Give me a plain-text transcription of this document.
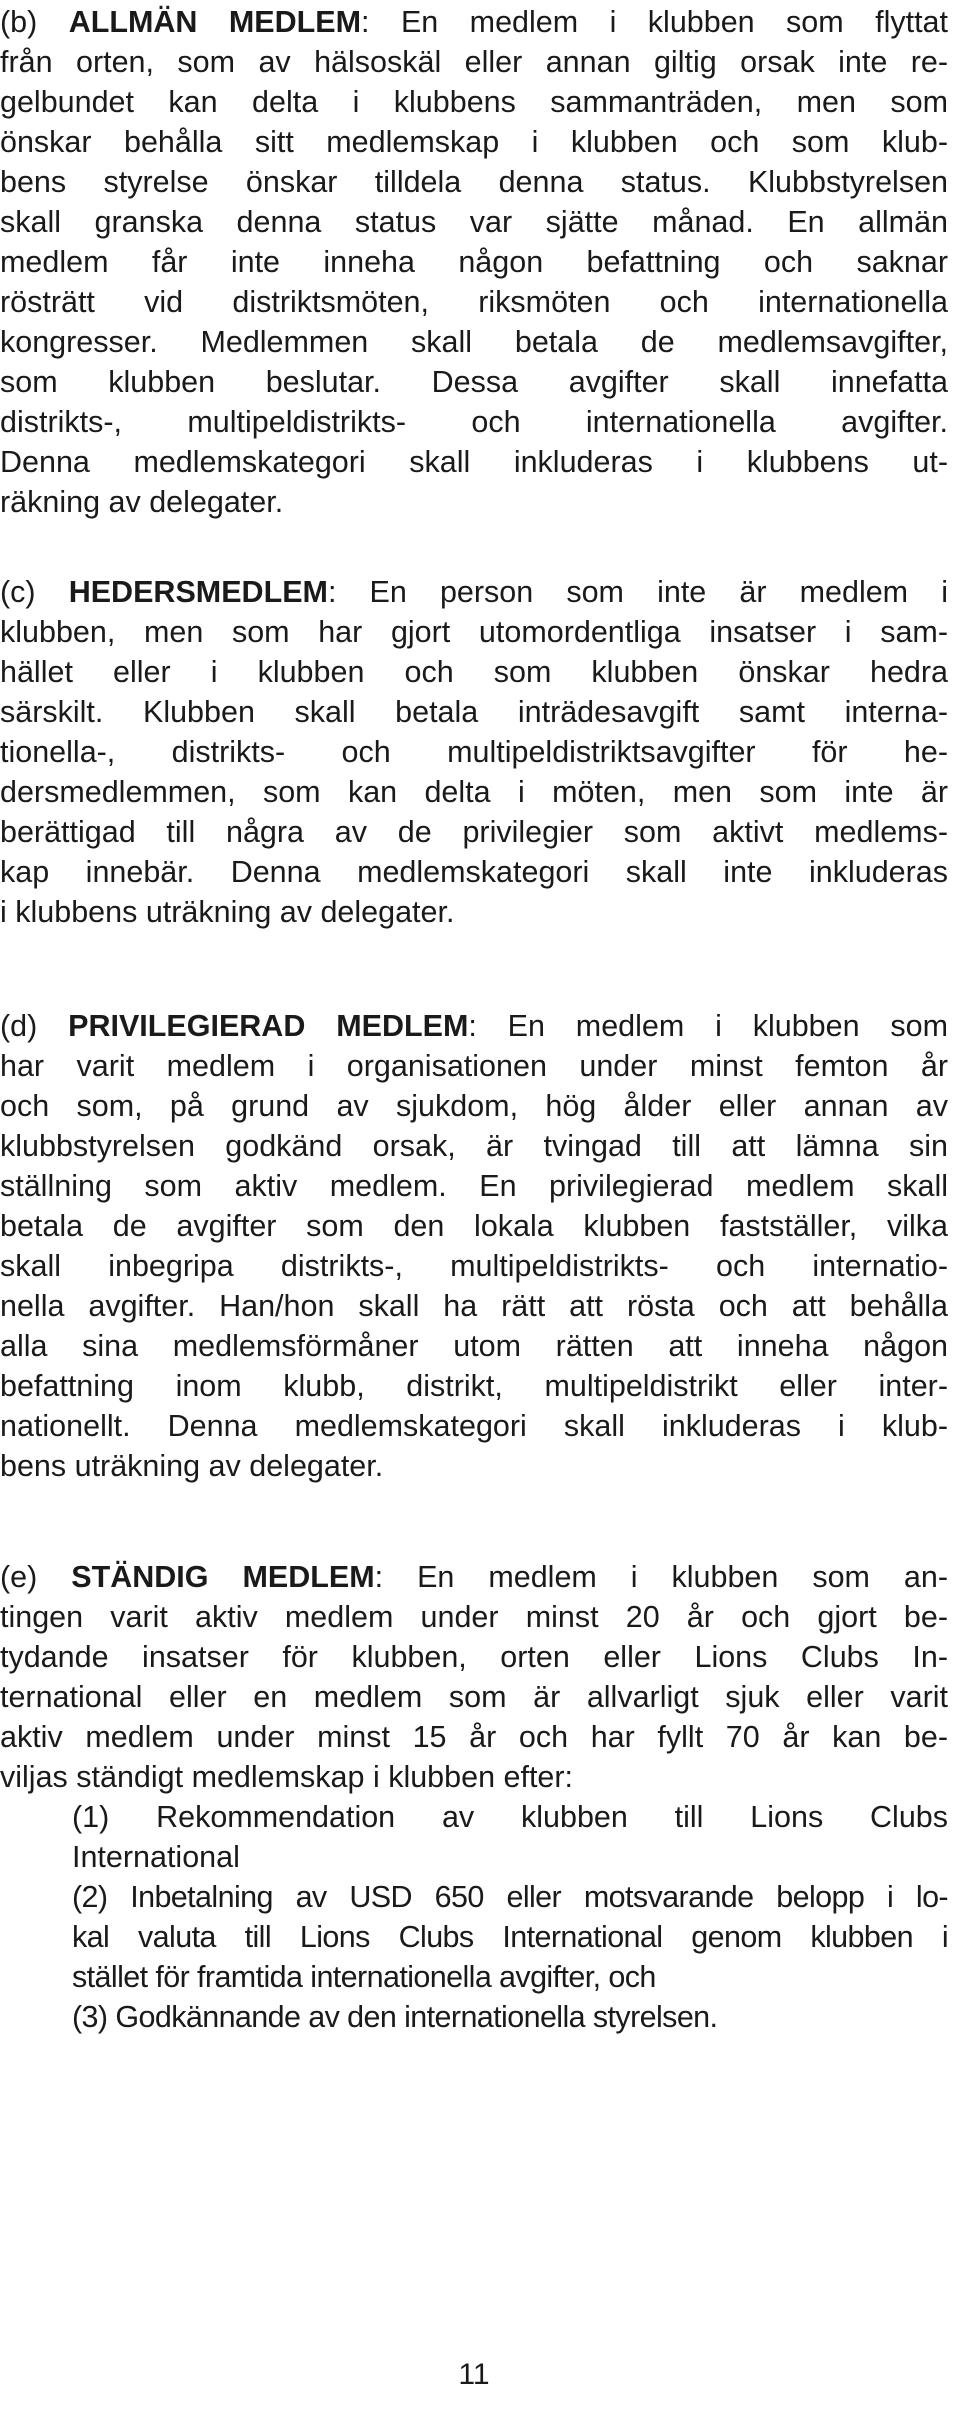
(b) ALLMÄN MEDLEM: En medlem i klubben som flyttat
från orten, som av hälsoskäl eller annan giltig orsak inte re-
gelbundet kan delta i klubbens sammanträden, men som
önskar behålla sitt medlemskap i klubben och som klub-
bens styrelse önskar tilldela denna status. Klubbstyrelsen
skall granska denna status var sjätte månad. En allmän
medlem får inte inneha någon befattning och saknar
rösträtt vid distriktsmöten, riksmöten och internationella
kongresser. Medlemmen skall betala de medlemsavgifter,
som klubben beslutar. Dessa avgifter skall innefatta
distrikts-, multipeldistrikts- och internationella avgifter.
Denna medlemskategori skall inkluderas i klubbens ut-
räkning av delegater.
(c) HEDERSMEDLEM: En person som inte är medlem i
klubben, men som har gjort utomordentliga insatser i sam-
hället eller i klubben och som klubben önskar hedra
särskilt. Klubben skall betala inträdesavgift samt interna-
tionella-, distrikts- och multipeldistriktsavgifter för he-
dersmedlemmen, som kan delta i möten, men som inte är
berättigad till några av de privilegier som aktivt medlems-
kap innebär. Denna medlemskategori skall inte inkluderas
i klubbens uträkning av delegater.
(d) PRIVILEGIERAD MEDLEM: En medlem i klubben som
har varit medlem i organisationen under minst femton år
och som, på grund av sjukdom, hög ålder eller annan av
klubbstyrelsen godkänd orsak, är tvingad till att lämna sin
ställning som aktiv medlem. En privilegierad medlem skall
betala de avgifter som den lokala klubben fastställer, vilka
skall inbegripa distrikts-, multipeldistrikts- och internatio-
nella avgifter. Han/hon skall ha rätt att rösta och att behålla
alla sina medlemsförmåner utom rätten att inneha någon
befattning inom klubb, distrikt, multipeldistrikt eller inter-
nationellt. Denna medlemskategori skall inkluderas i klub-
bens uträkning av delegater.
(e) STÄNDIG MEDLEM: En medlem i klubben som an-
tingen varit aktiv medlem under minst 20 år och gjort be-
tydande insatser för klubben, orten eller Lions Clubs In-
ternational eller en medlem som är allvarligt sjuk eller varit
aktiv medlem under minst 15 år och har fyllt 70 år kan be-
viljas ständigt medlemskap i klubben efter:
(1) Rekommendation av klubben till Lions Clubs
International
(2) Inbetalning av USD 650 eller motsvarande belopp i lo-
kal valuta till Lions Clubs International genom klubben i
stället för framtida internationella avgifter, och
(3) Godkännande av den internationella styrelsen.
11
